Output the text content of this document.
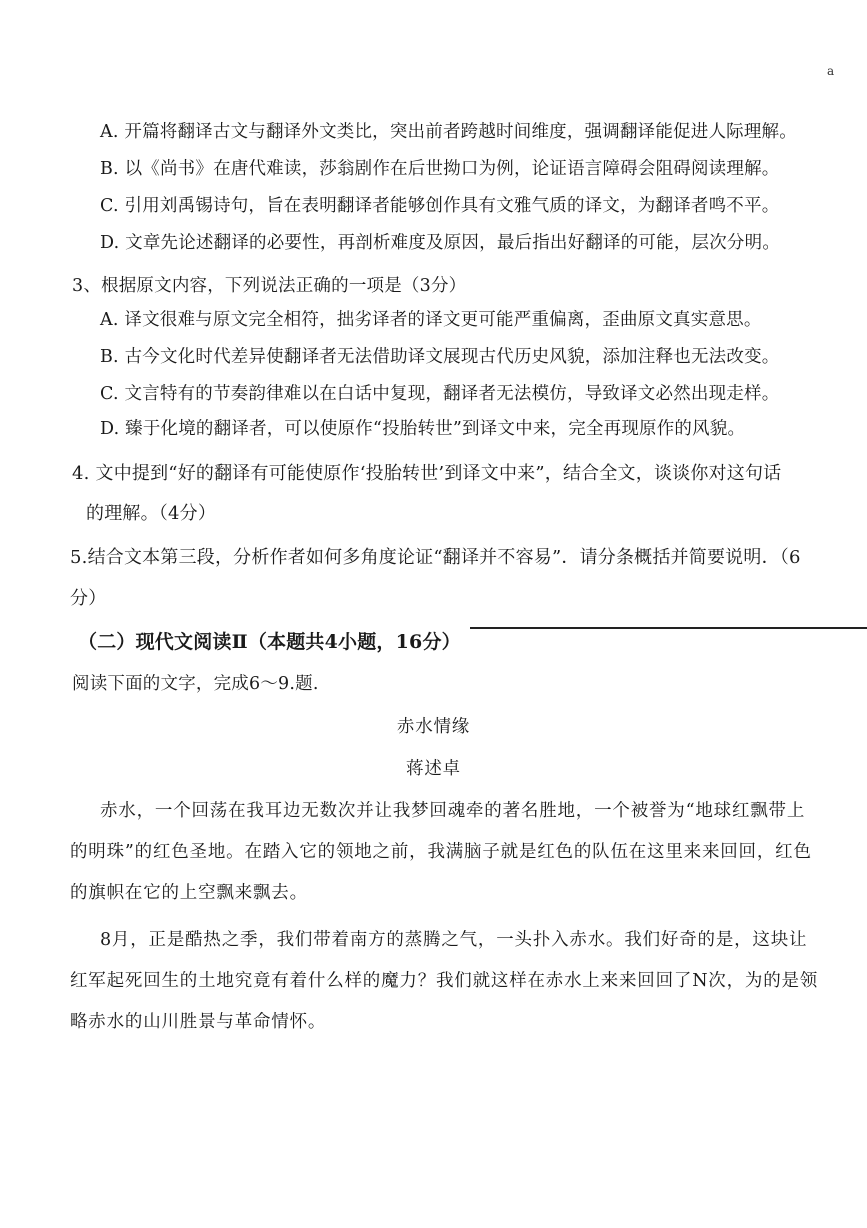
a
A. 开篇将翻译古文与翻译外文类比，突出前者跨越时间维度，强调翻译能促进人际理解。
B. 以《尚书》在唐代难读，莎翁剧作在后世拗口为例，论证语言障碍会阻碍阅读理解。
C. 引用刘禹锡诗句，旨在表明翻译者能够创作具有文雅气质的译文，为翻译者鸣不平。
D. 文章先论述翻译的必要性，再剖析难度及原因，最后指出好翻译的可能，层次分明。
3、根据原文内容，下列说法正确的一项是（3分）
A. 译文很难与原文完全相符，拙劣译者的译文更可能严重偏离，歪曲原文真实意思。
B. 古今文化时代差异使翻译者无法借助译文展现古代历史风貌，添加注释也无法改变。
C. 文言特有的节奏韵律难以在白话中复现，翻译者无法模仿，导致译文必然出现走样。
D. 臻于化境的翻译者，可以使原作“投胎转世”到译文中来，完全再现原作的风貌。
4. 文中提到“好的翻译有可能使原作‘投胎转世’到译文中来”，结合全文，谈谈你对这句话
的理解。（4分）
5.结合文本第三段，分析作者如何多角度论证“翻译并不容易”．请分条概括并简要说明．（6
分）
（二）现代文阅读Ⅱ（本题共4小题，16分）
阅读下面的文字，完成6～9.题.
赤水情缘
蒋述卓
赤水，一个回荡在我耳边无数次并让我梦回魂牵的著名胜地，一个被誉为“地球红飘带上
的明珠”的红色圣地。在踏入它的领地之前，我满脑子就是红色的队伍在这里来来回回，红色
的旗帜在它的上空飘来飘去。
8月，正是酷热之季，我们带着南方的蒸腾之气，一头扑入赤水。我们好奇的是，这块让
红军起死回生的土地究竟有着什么样的魔力？我们就这样在赤水上来来回回了N次，为的是领
略赤水的山川胜景与革命情怀。
